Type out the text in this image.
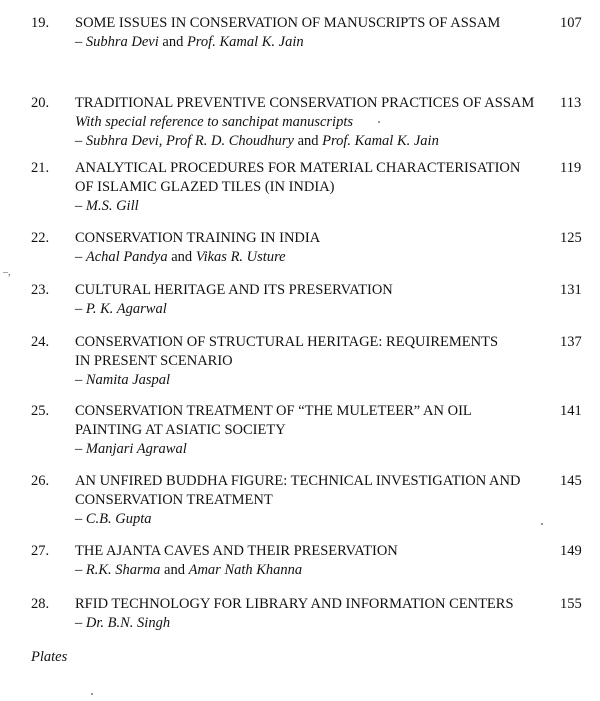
–,
19. SOME ISSUES IN CONSERVATION OF MANUSCRIPTS OF ASSAM
– Subhra Devi and Prof. Kamal K. Jain
107
20. TRADITIONAL PREVENTIVE CONSERVATION PRACTICES OF ASSAM
With special reference to sanchipat manuscripts
– Subhra Devi, Prof R. D. Choudhury and Prof. Kamal K. Jain
113
21. ANALYTICAL PROCEDURES FOR MATERIAL CHARACTERISATION
OF ISLAMIC GLAZED TILES (IN INDIA)
– M.S. Gill
119
22. CONSERVATION TRAINING IN INDIA
– Achal Pandya and Vikas R. Usture
125
23. CULTURAL HERITAGE AND ITS PRESERVATION
– P. K. Agarwal
131
24. CONSERVATION OF STRUCTURAL HERITAGE: REQUIREMENTS
IN PRESENT SCENARIO
– Namita Jaspal
137
25. CONSERVATION TREATMENT OF “THE MULETEER” AN OIL
PAINTING AT ASIATIC SOCIETY
– Manjari Agrawal
141
26. AN UNFIRED BUDDHA FIGURE: TECHNICAL INVESTIGATION AND
CONSERVATION TREATMENT
– C.B. Gupta
145
27. THE AJANTA CAVES AND THEIR PRESERVATION
– R.K. Sharma and Amar Nath Khanna
149
28. RFID TECHNOLOGY FOR LIBRARY AND INFORMATION CENTERS
– Dr. B.N. Singh
155
Plates
